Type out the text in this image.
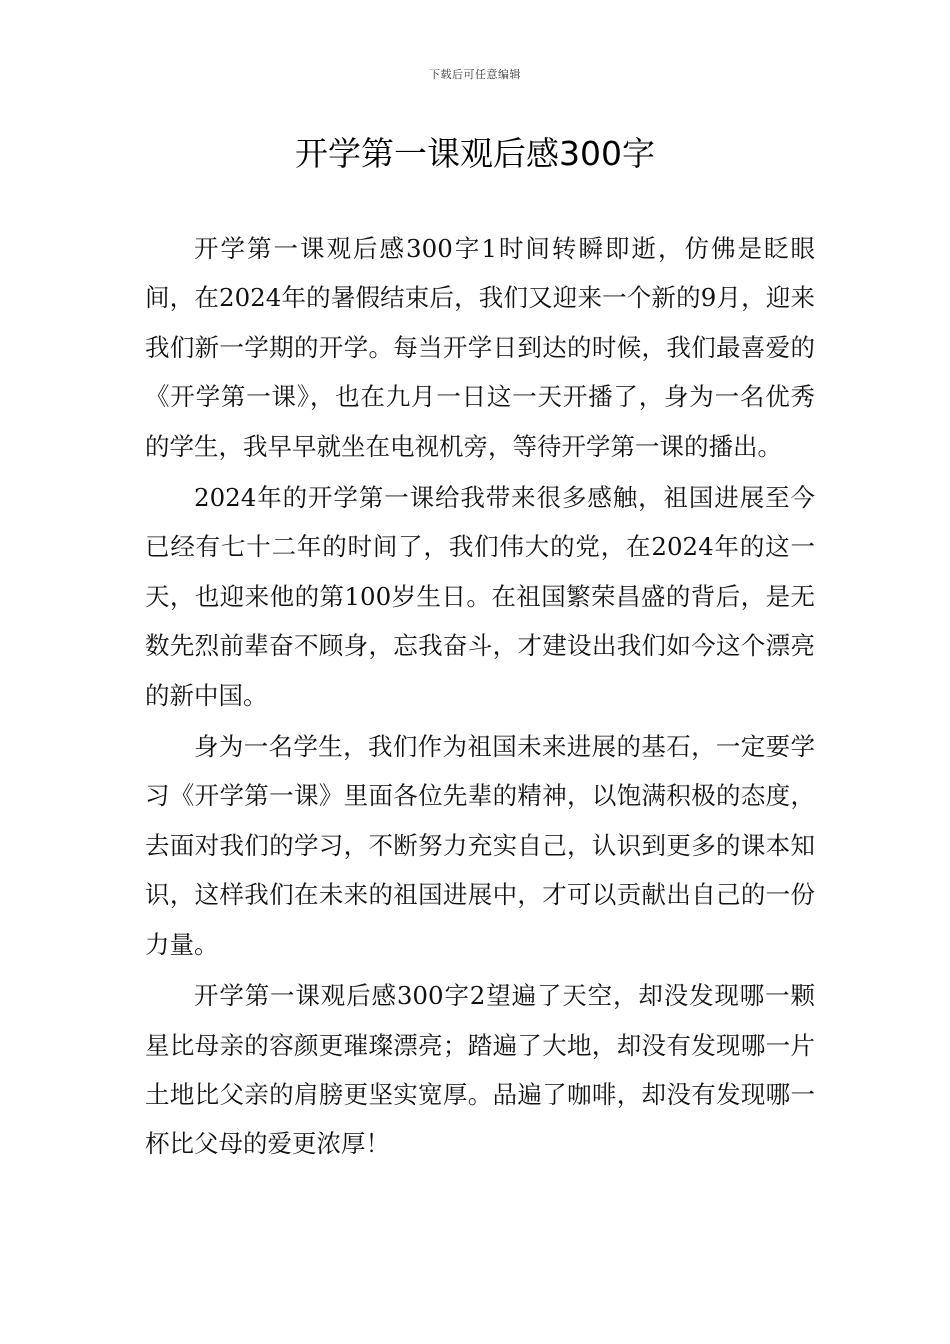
下载后可任意编辑
开学第一课观后感300字

开学第一课观后感300字1时间转瞬即逝，仿佛是眨眼间，在2024年的暑假结束后，我们又迎来一个新的9月，迎来我们新一学期的开学。每当开学日到达的时候，我们最喜爱的《开学第一课》，也在九月一日这一天开播了，身为一名优秀的学生，我早早就坐在电视机旁，等待开学第一课的播出。

2024年的开学第一课给我带来很多感触，祖国进展至今已经有七十二年的时间了，我们伟大的党，在2024年的这一天，也迎来他的第100岁生日。在祖国繁荣昌盛的背后，是无数先烈前辈奋不顾身，忘我奋斗，才建设出我们如今这个漂亮的新中国。

身为一名学生，我们作为祖国未来进展的基石，一定要学习《开学第一课》里面各位先辈的精神，以饱满积极的态度，去面对我们的学习，不断努力充实自己，认识到更多的课本知识，这样我们在未来的祖国进展中，才可以贡献出自己的一份力量。

开学第一课观后感300字2望遍了天空，却没发现哪一颗星比母亲的容颜更璀璨漂亮；踏遍了大地，却没有发现哪一片土地比父亲的肩膀更坚实宽厚。品遍了咖啡，却没有发现哪一杯比父母的爱更浓厚！
